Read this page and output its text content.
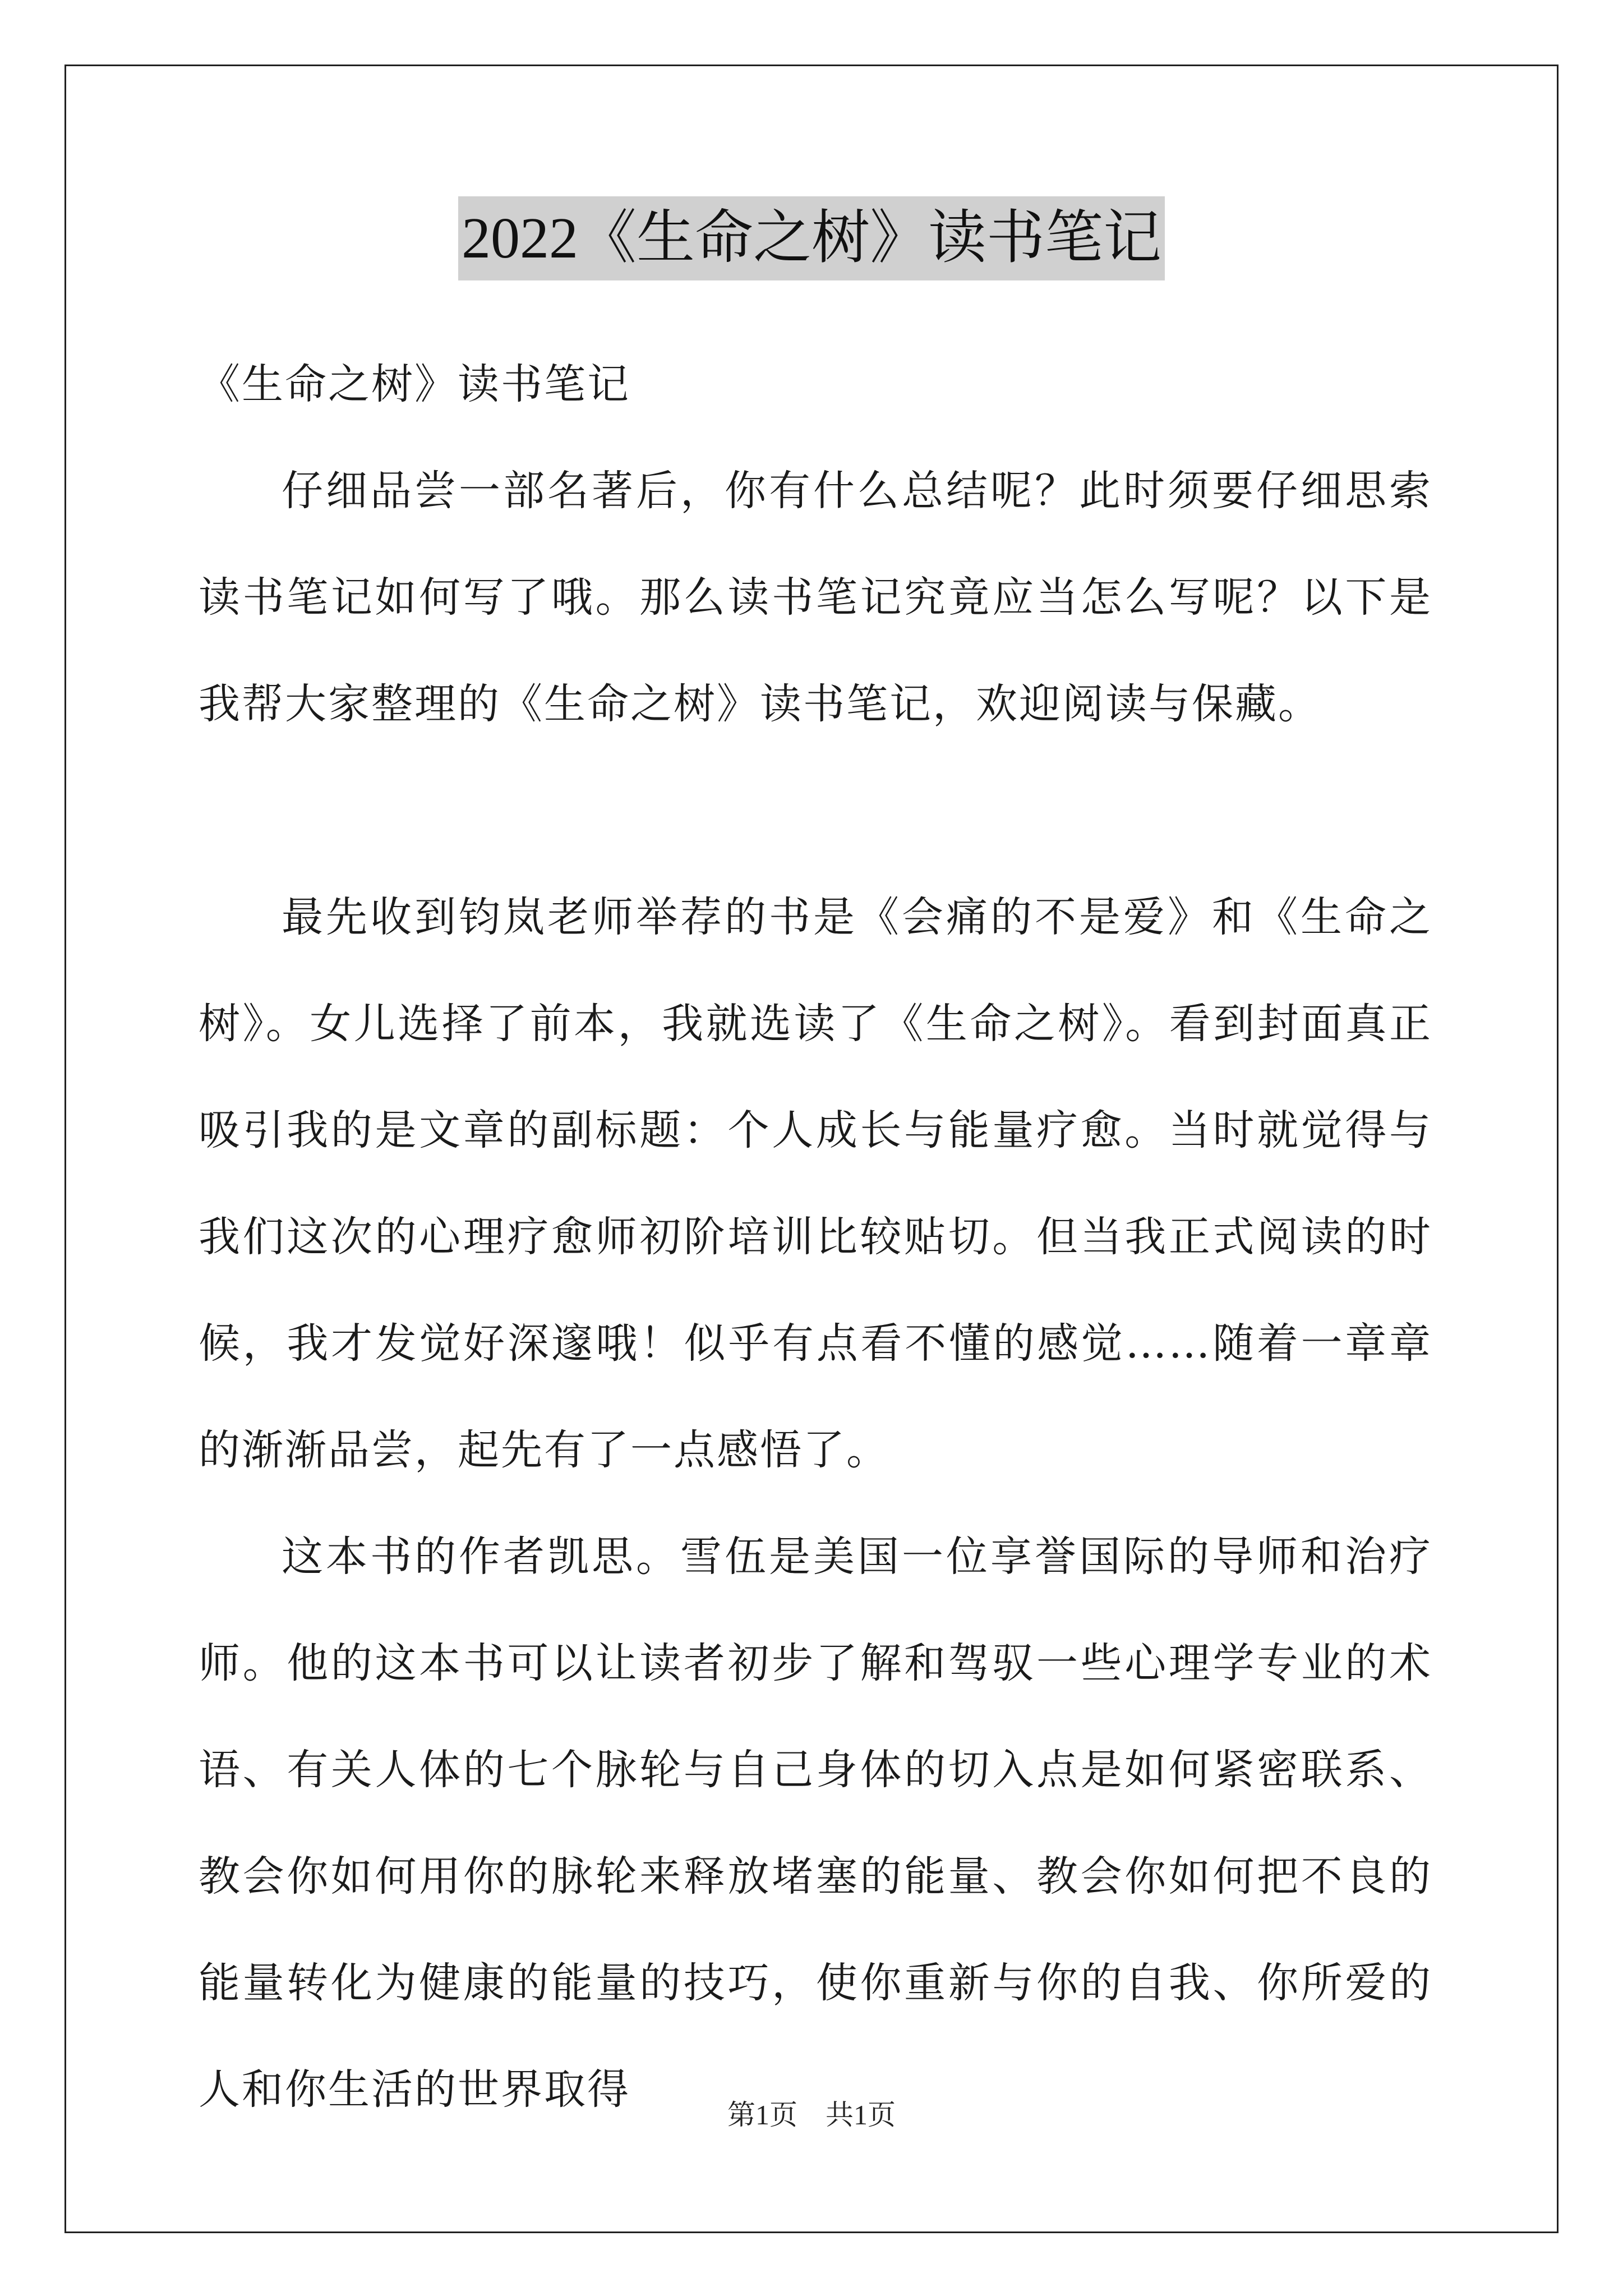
2022《生命之树》读书笔记

《生命之树》读书笔记

仔细品尝一部名著后，你有什么总结呢？此时须要仔细思索读书笔记如何写了哦。那么读书笔记究竟应当怎么写呢？以下是我帮大家整理的《生命之树》读书笔记，欢迎阅读与保藏。

最先收到钧岚老师举荐的书是《会痛的不是爱》和《生命之树》。女儿选择了前本，我就选读了《生命之树》。看到封面真正吸引我的是文章的副标题：个人成长与能量疗愈。当时就觉得与我们这次的心理疗愈师初阶培训比较贴切。但当我正式阅读的时候，我才发觉好深邃哦！似乎有点看不懂的感觉……随着一章章的渐渐品尝，起先有了一点感悟了。

这本书的作者凯思。雪伍是美国一位享誉国际的导师和治疗师。他的这本书可以让读者初步了解和驾驭一些心理学专业的术语、有关人体的七个脉轮与自己身体的切入点是如何紧密联系、教会你如何用你的脉轮来释放堵塞的能量、教会你如何把不良的能量转化为健康的能量的技巧，使你重新与你的自我、你所爱的人和你生活的世界取得

第1页　共1页
